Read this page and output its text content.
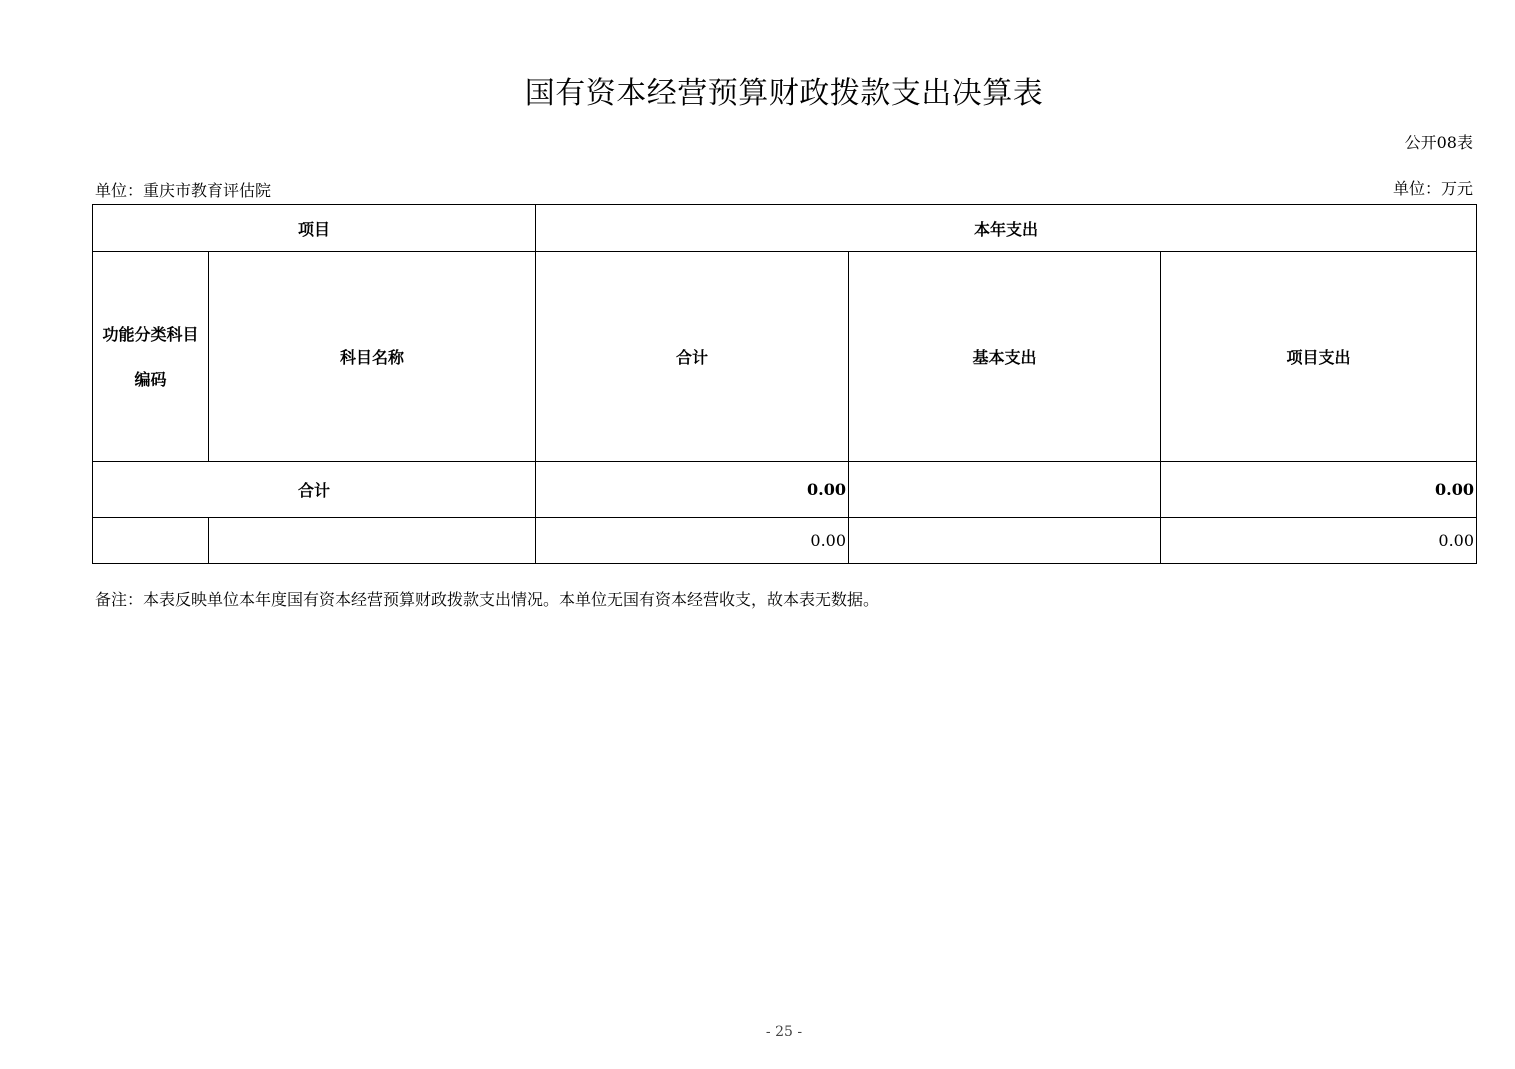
国有资本经营预算财政拨款支出决算表
公开08表
单位：重庆市教育评估院	单位：万元
项目		本年支出		

功能分类科目
编码	科目名称	合计	基本支出	项目支出
合计		0.00		0.00
		0.00		0.00
备注：本表反映单位本年度国有资本经营预算财政拨款支出情况。本单位无国有资本经营收支，故本表无数据。
- 25 -
